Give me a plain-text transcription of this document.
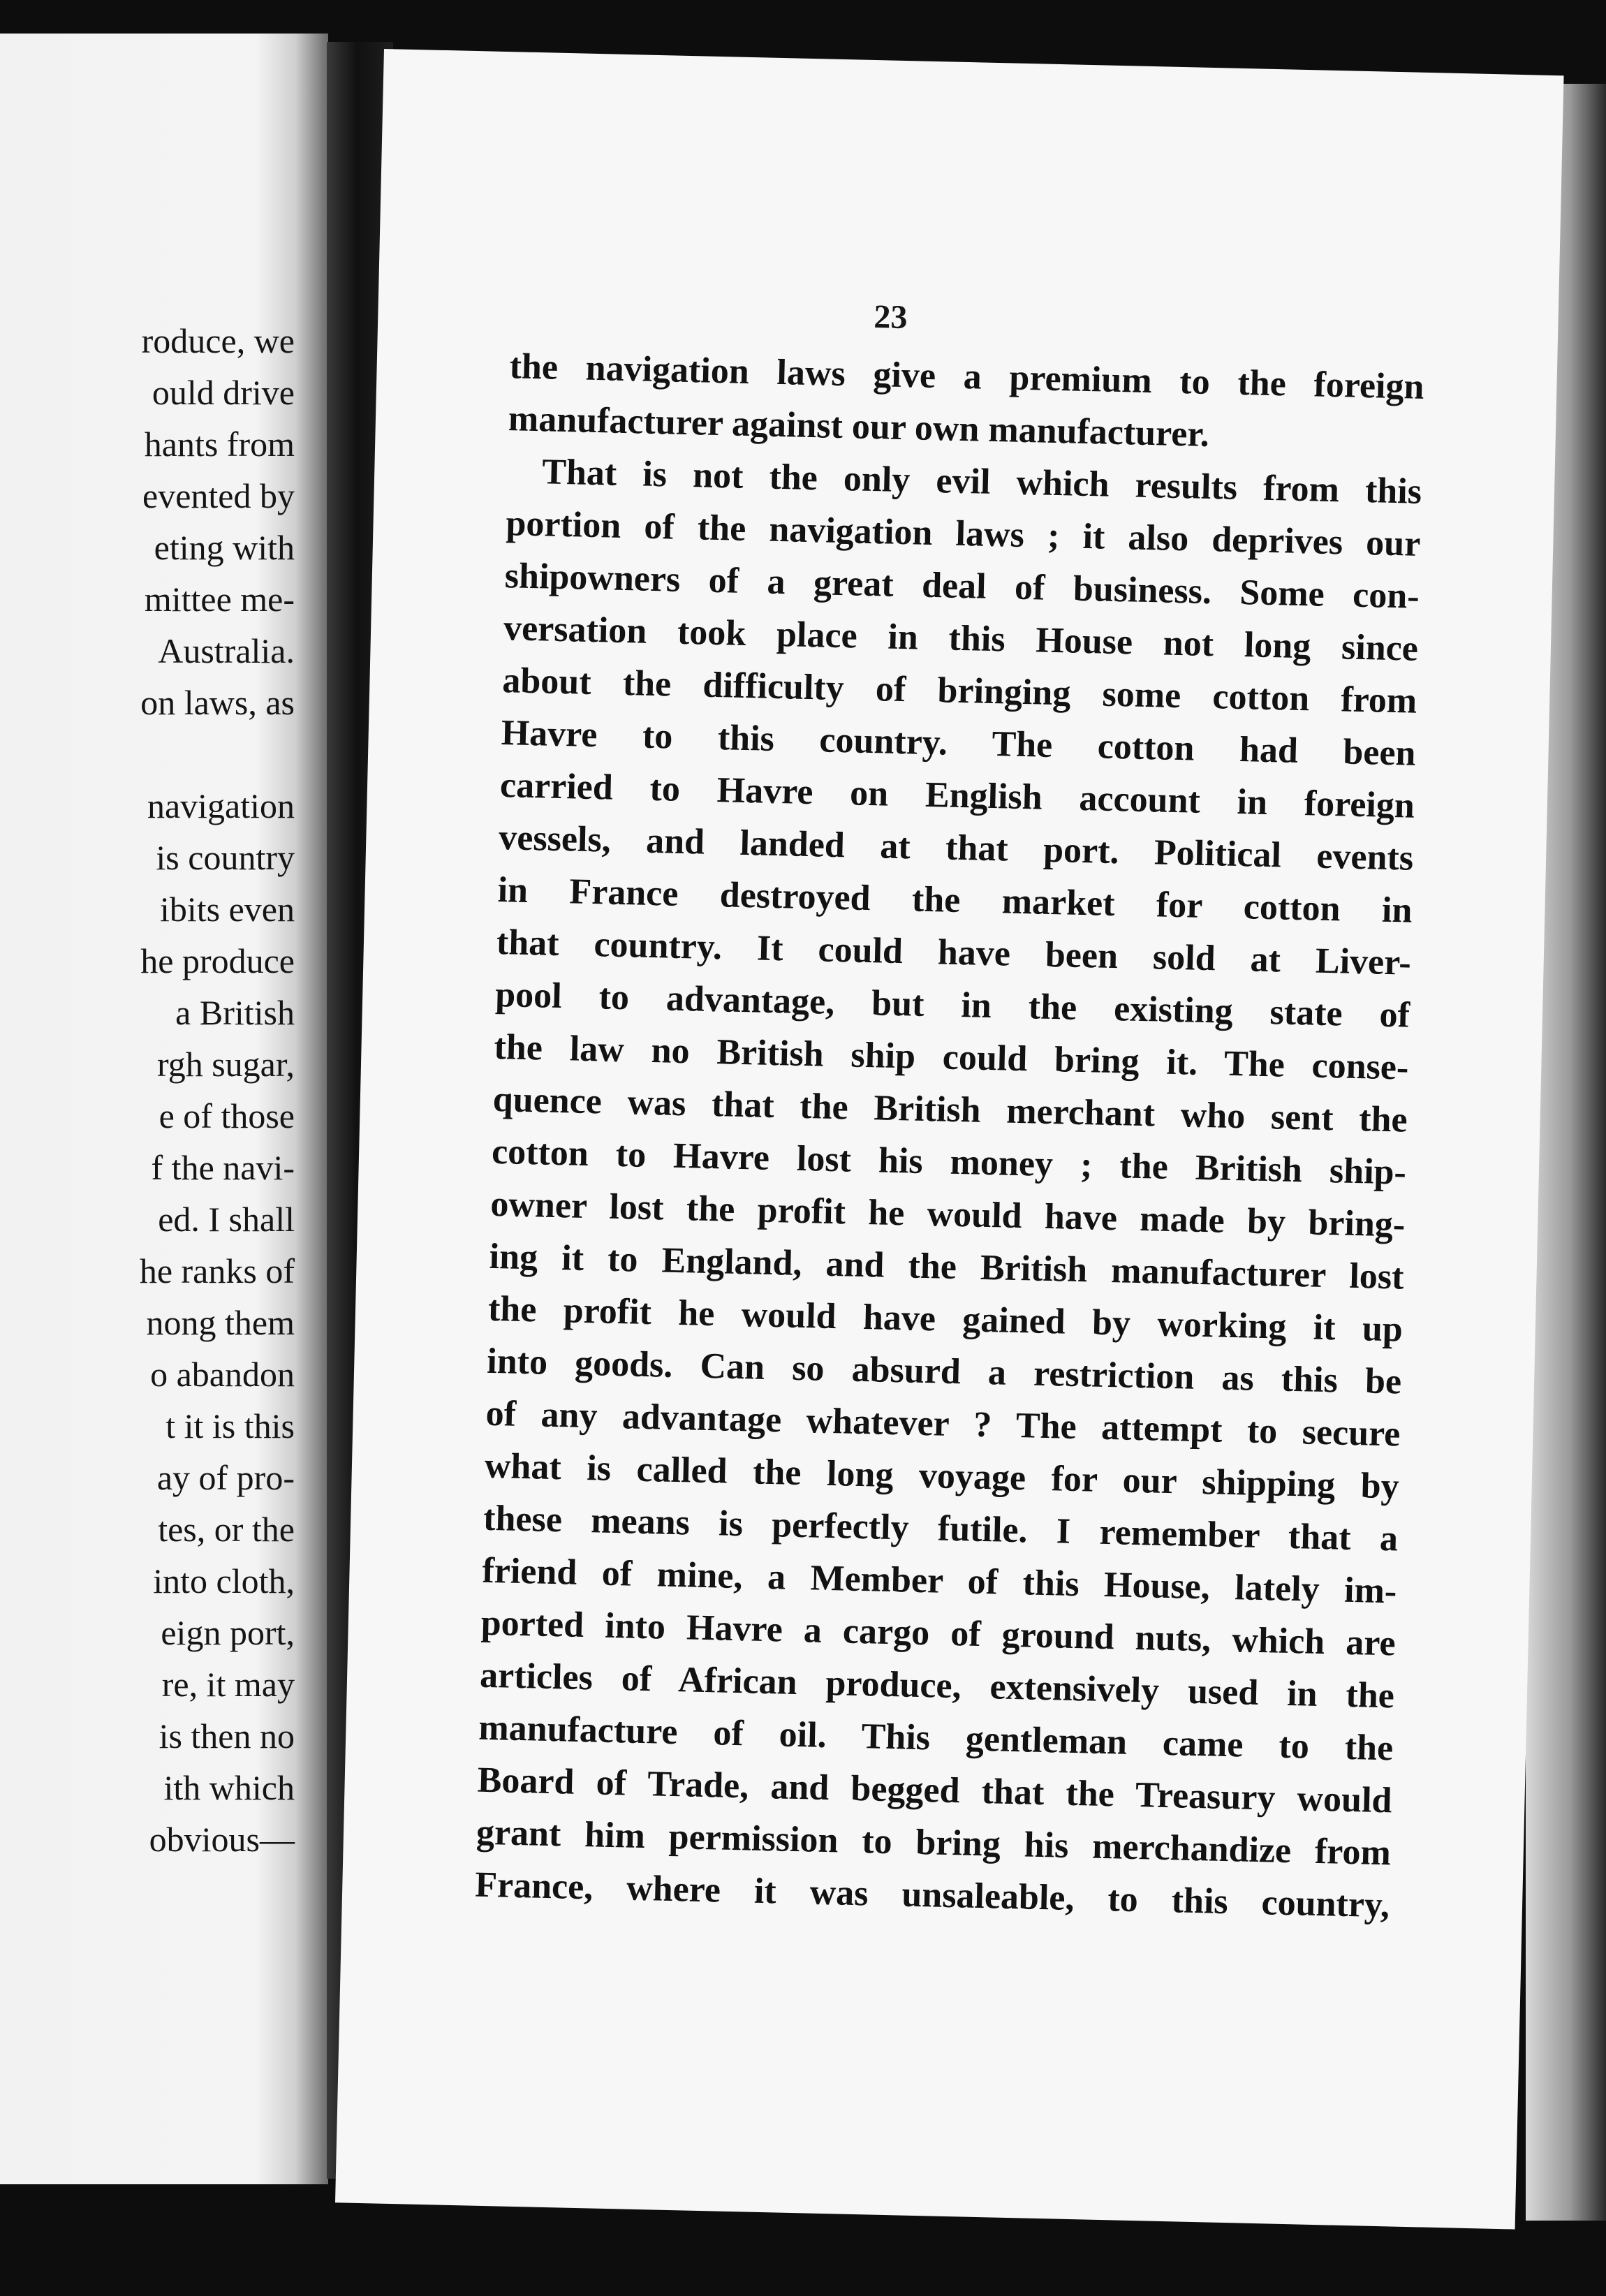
roduce, we
ould drive
hants from
evented by
eting with
mittee me-
Australia.
on laws, as
navigation
is country
ibits even
he produce
a British
rgh sugar,
e of those
f the navi-
ed. I shall
he ranks of
nong them
o abandon
t it is this
ay of pro-
tes, or the
into cloth,
eign port,
re, it may
is then no
ith which
obvious—
23
the navigation laws give a premium to the foreign
manufacturer against our own manufacturer.
That is not the only evil which results from this
portion of the navigation laws ; it also deprives our
shipowners of a great deal of business. Some con-
versation took place in this House not long since
about the difficulty of bringing some cotton from
Havre to this country. The cotton had been
carried to Havre on English account in foreign
vessels, and landed at that port. Political events
in France destroyed the market for cotton in
that country. It could have been sold at Liver-
pool to advantage, but in the existing state of
the law no British ship could bring it. The conse-
quence was that the British merchant who sent the
cotton to Havre lost his money ; the British ship-
owner lost the profit he would have made by bring-
ing it to England, and the British manufacturer lost
the profit he would have gained by working it up
into goods. Can so absurd a restriction as this be
of any advantage whatever ? The attempt to secure
what is called the long voyage for our shipping by
these means is perfectly futile. I remember that a
friend of mine, a Member of this House, lately im-
ported into Havre a cargo of ground nuts, which are
articles of African produce, extensively used in the
manufacture of oil. This gentleman came to the
Board of Trade, and begged that the Treasury would
grant him permission to bring his merchandize from
France, where it was unsaleable, to this country,
